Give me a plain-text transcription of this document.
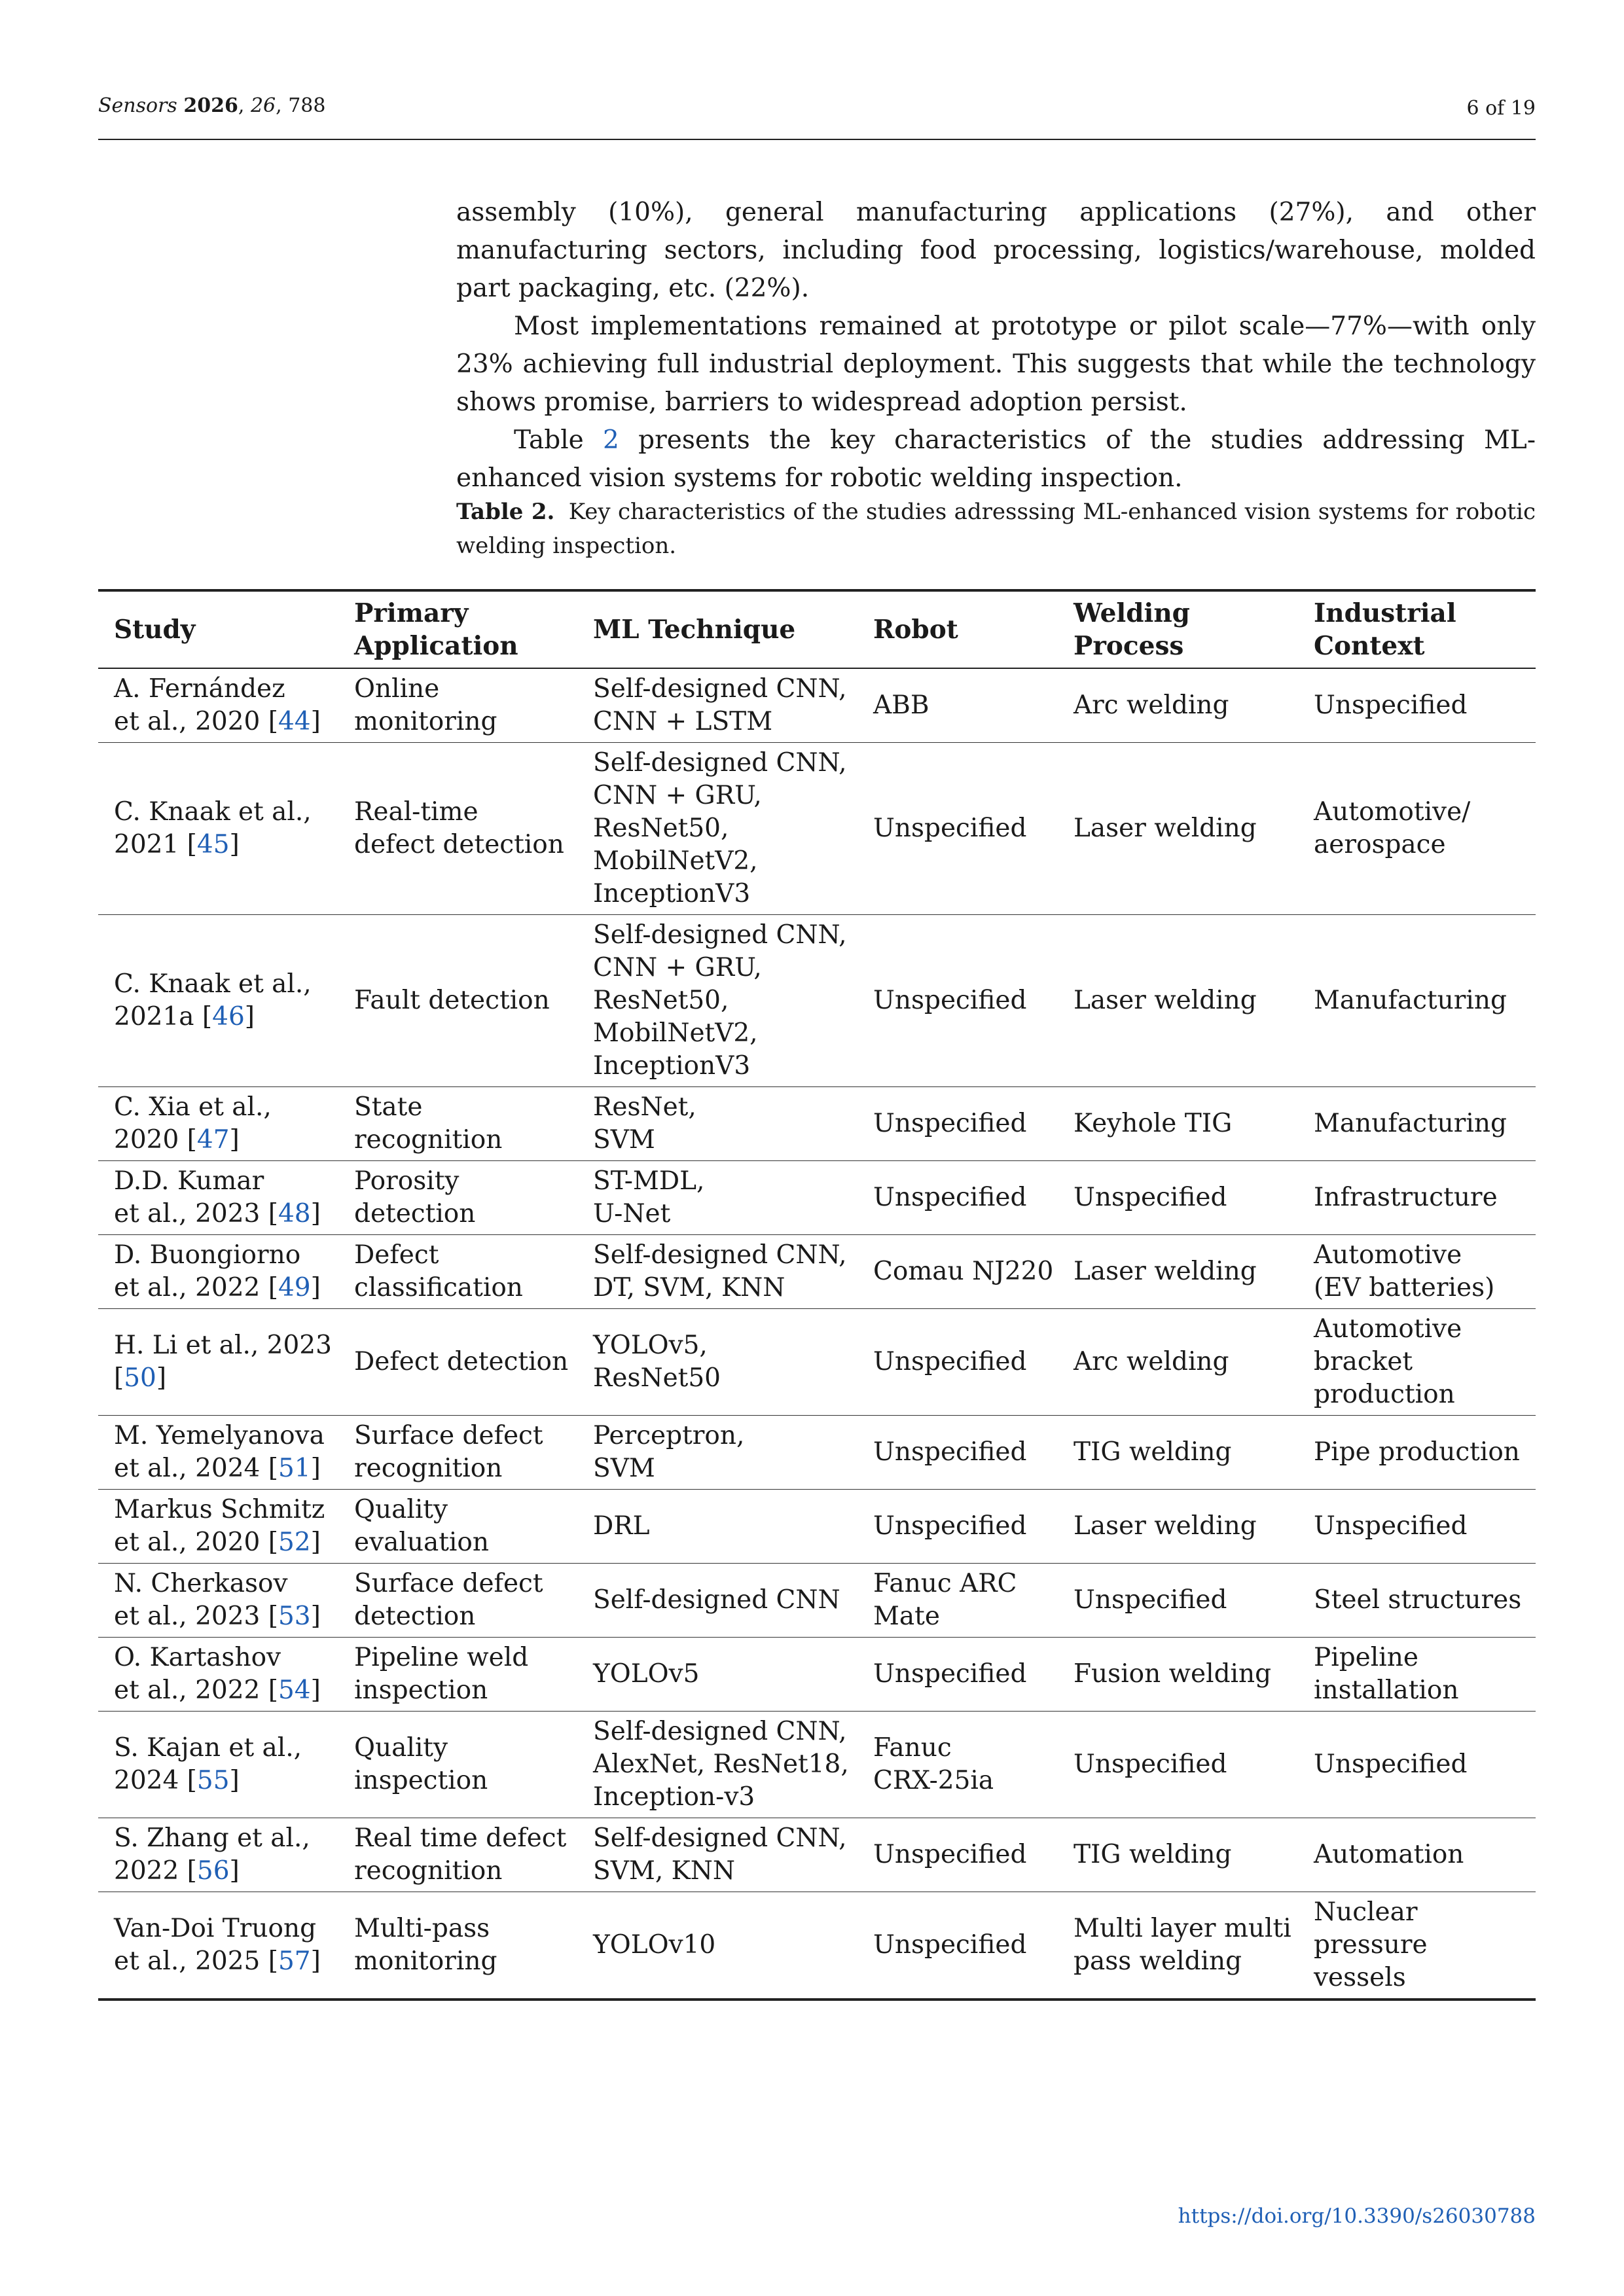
Sensors 2026, 26, 788	6 of 19

assembly (10%), general manufacturing applications (27%), and other manufacturing sectors, including food processing, logistics/warehouse, molded part packaging, etc. (22%).

Most implementations remained at prototype or pilot scale—77%—with only 23% achieving full industrial deployment. This suggests that while the technology shows promise, barriers to widespread adoption persist.

Table 2 presents the key characteristics of the studies addressing ML-enhanced vision systems for robotic welding inspection.

Table 2. Key characteristics of the studies adresssing ML-enhanced vision systems for robotic welding inspection.
Study	Primary
Application	ML Technique	Robot	Welding Process	Industrial
Context
A. Fernández
et al., 2020 [44]	Online
monitoring	Self-designed CNN,
CNN + LSTM	ABB	Arc welding	Unspecified
C. Knaak et al.,
2021 [45]	Real-time
defect detection	Self-designed CNN,
CNN + GRU,
ResNet50,
MobilNetV2,
InceptionV3	Unspecified	Laser welding	Automotive/
aerospace
C. Knaak et al.,
2021a [46]	Fault detection	Self-designed CNN,
CNN + GRU,
ResNet50,
MobilNetV2,
InceptionV3	Unspecified	Laser welding	Manufacturing
C. Xia et al.,
2020 [47]	State recognition	ResNet,
SVM	Unspecified	Keyhole TIG	Manufacturing
D.D. Kumar
et al., 2023 [48]	Porosity
detection	ST-MDL,
U-Net	Unspecified	Unspecified	Infrastructure
D. Buongiorno
et al., 2022 [49]	Defect
classification	Self-designed CNN,
DT, SVM, KNN	Comau NJ220	Laser welding	Automotive
(EV batteries)
H. Li et al., 2023
[50]	Defect detection	YOLOv5,
ResNet50	Unspecified	Arc welding	Automotive
bracket
production
M. Yemelyanova
et al., 2024 [51]	Surface defect
recognition	Perceptron,
SVM	Unspecified	TIG welding	Pipe production
Markus Schmitz
et al., 2020 [52]	Quality
evaluation	DRL	Unspecified	Laser welding	Unspecified
N. Cherkasov
et al., 2023 [53]	Surface defect
detection	Self-designed CNN	Fanuc ARC
Mate	Unspecified	Steel structures
O. Kartashov
et al., 2022 [54]	Pipeline weld
inspection	YOLOv5	Unspecified	Fusion welding	Pipeline
installation
S. Kajan et al.,
2024 [55]	Quality
inspection	Self-designed CNN,
AlexNet, ResNet18,
Inception-v3	Fanuc
CRX-25ia	Unspecified	Unspecified
S. Zhang et al.,
2022 [56]	Real time defect
recognition	Self-designed CNN,
SVM, KNN	Unspecified	TIG welding	Automation
Van-Doi Truong
et al., 2025 [57]	Multi-pass
monitoring	YOLOv10	Unspecified	Multi layer multi
pass welding	Nuclear pressure
vessels
https://doi.org/10.3390/s26030788
